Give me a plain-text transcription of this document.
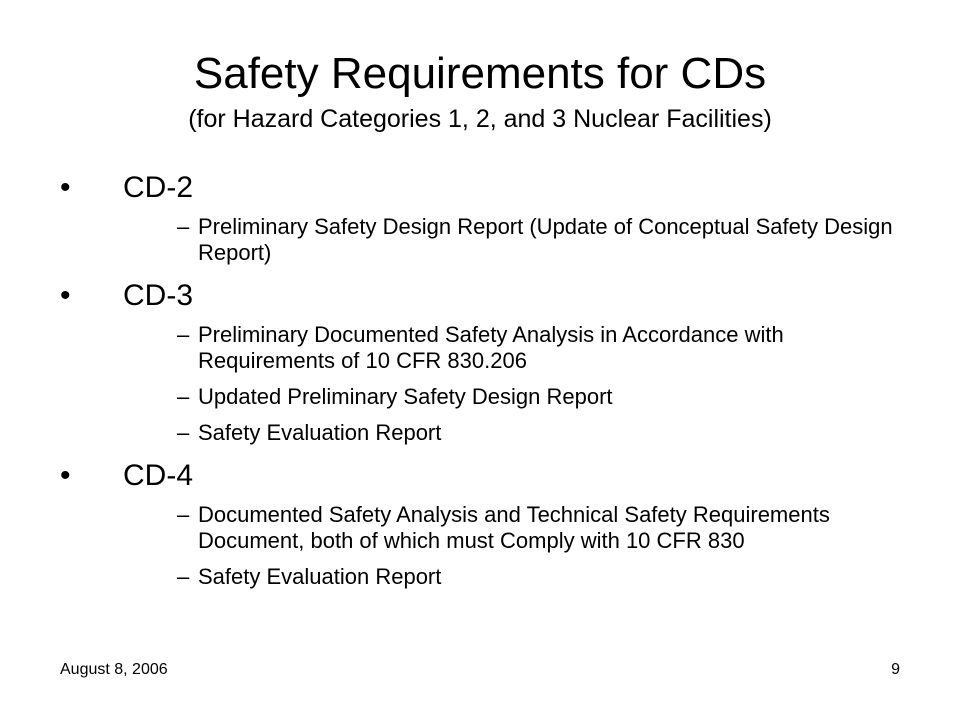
Safety Requirements for CDs
(for Hazard Categories 1, 2, and 3 Nuclear Facilities)
•	CD-2
– Preliminary Safety Design Report (Update of Conceptual Safety Design Report)
•	CD-3
– Preliminary Documented Safety Analysis in Accordance with Requirements of 10 CFR 830.206
– Updated Preliminary Safety Design Report
– Safety Evaluation Report
•	CD-4
– Documented Safety Analysis and Technical Safety Requirements Document, both of which must Comply with 10 CFR 830
– Safety Evaluation Report
August 8, 2006	9
